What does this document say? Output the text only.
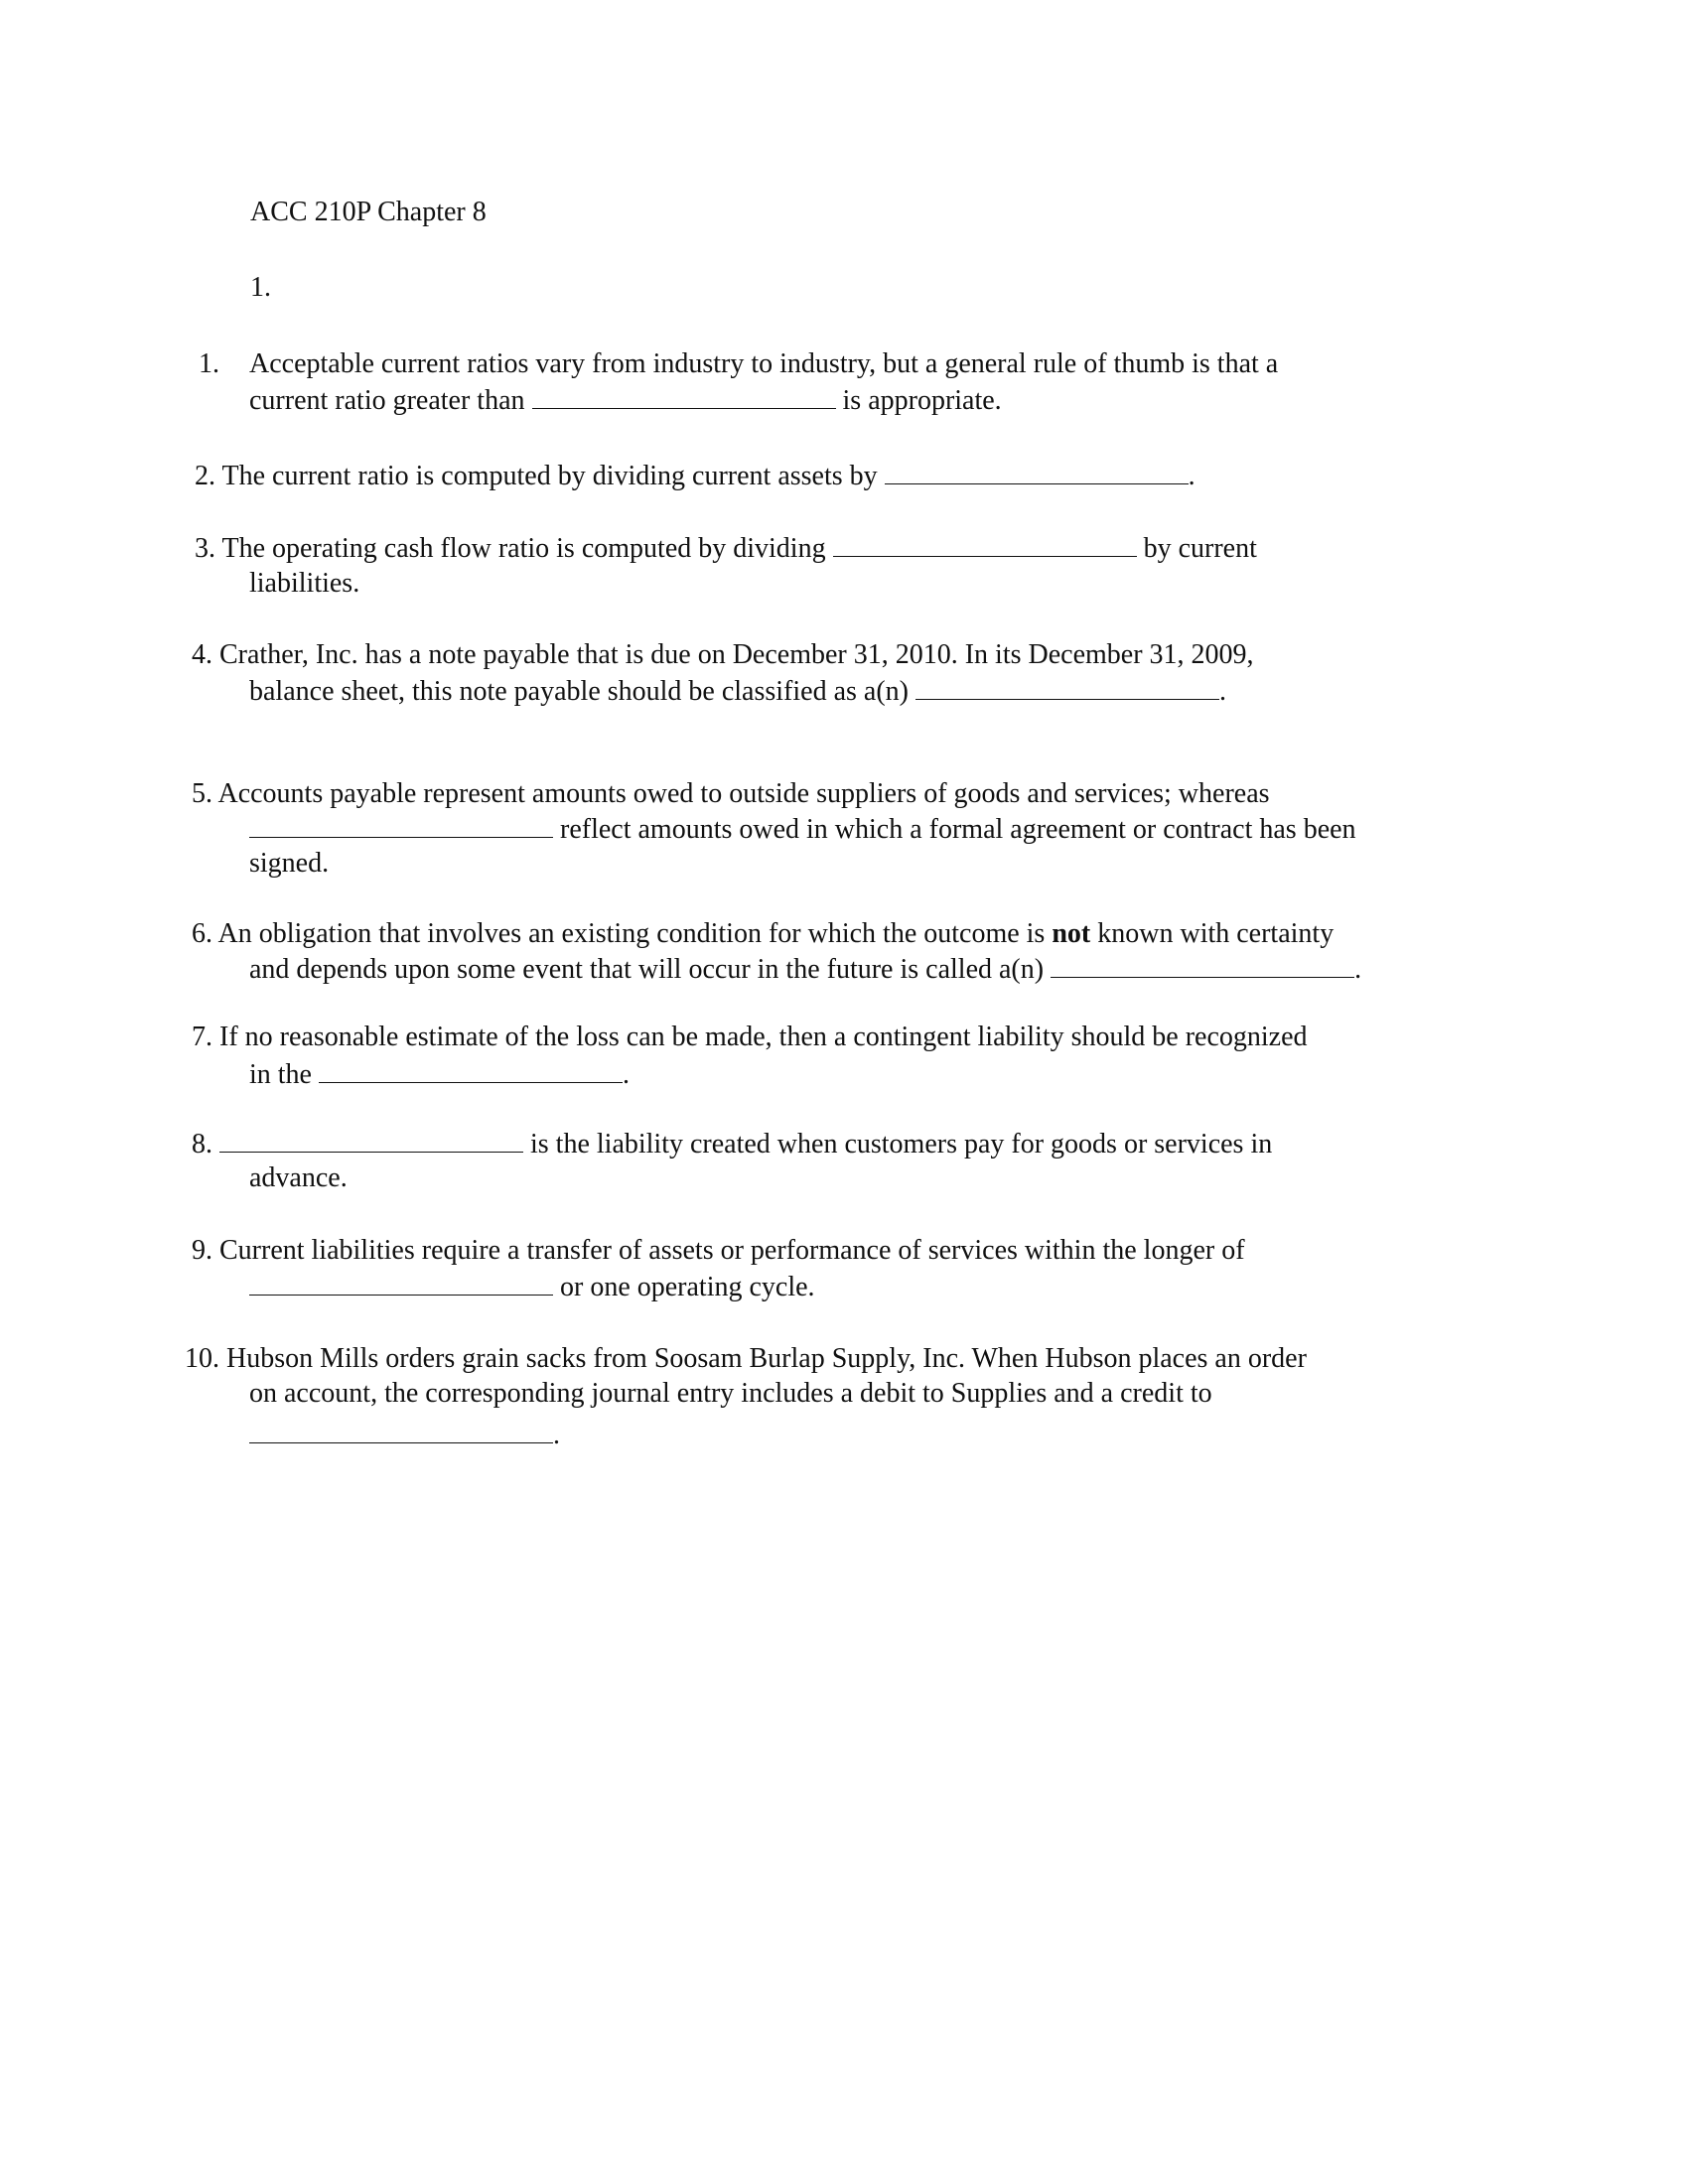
ACC 210P Chapter 8
1.
1. Acceptable current ratios vary from industry to industry, but a general rule of thumb is that a
current ratio greater than	is appropriate.
2. The current ratio is computed by dividing current assets by	.
3. The operating cash flow ratio is computed by dividing	by current
liabilities.
4. Crather, Inc. has a note payable that is due on December 31, 2010. In its December 31, 2009,
balance sheet, this note payable should be classified as a(n)	.
5. Accounts payable represent amounts owed to outside suppliers of goods and services; whereas
reflect amounts owed in which a formal agreement or contract has been
signed.
6. An obligation that involves an existing condition for which the outcome is not known with certainty
and depends upon some event that will occur in the future is called a(n)	.
7. If no reasonable estimate of the loss can be made, then a contingent liability should be recognized
in the	.
8.	is the liability created when customers pay for goods or services in
advance.
9. Current liabilities require a transfer of assets or performance of services within the longer of
or one operating cycle.
10. Hubson Mills orders grain sacks from Soosam Burlap Supply, Inc. When Hubson places an order
on account, the corresponding journal entry includes a debit to Supplies and a credit to
.
